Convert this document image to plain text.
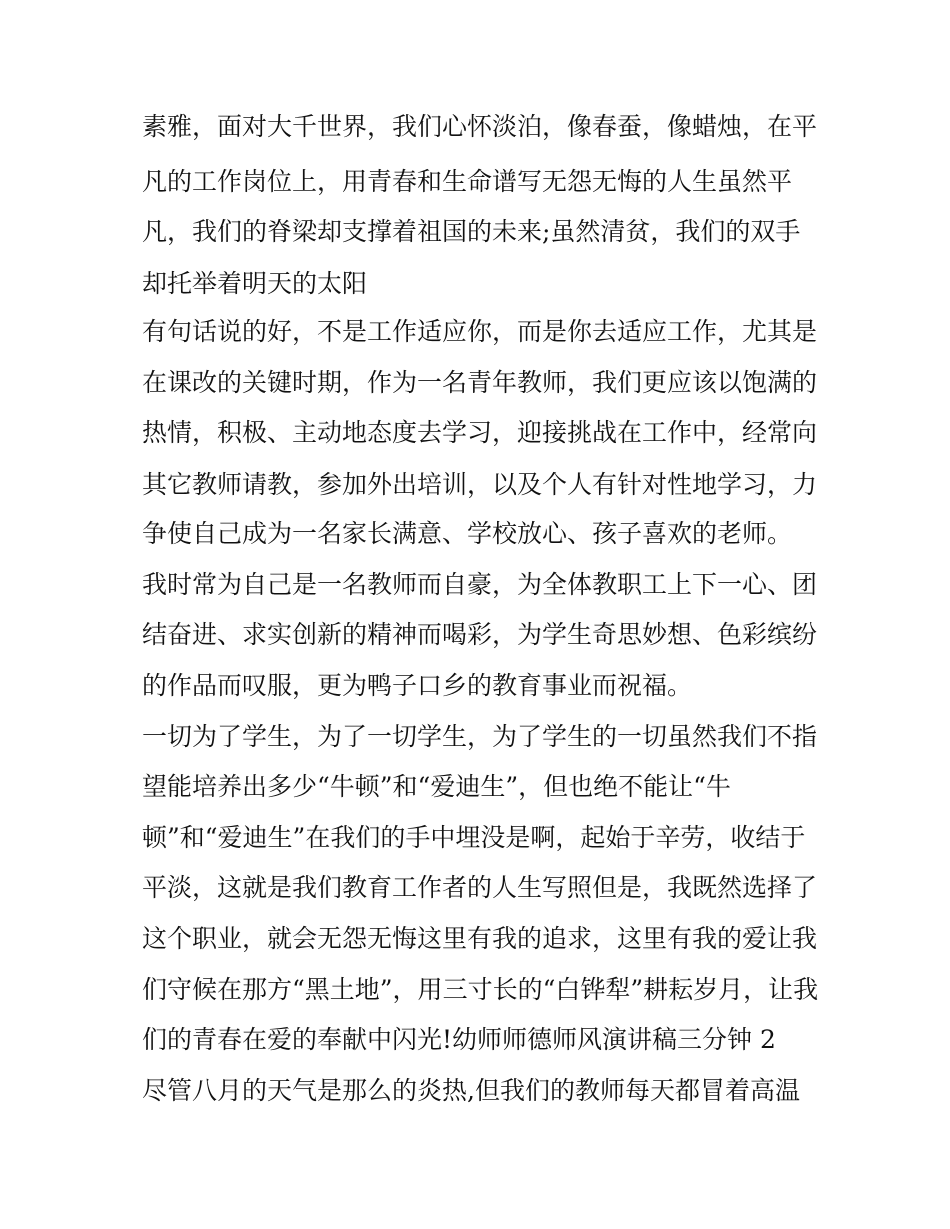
素雅，面对大千世界，我们心怀淡泊，像春蚕，像蜡烛，在平
凡的工作岗位上，用青春和生命谱写无怨无悔的人生虽然平
凡，我们的脊梁却支撑着祖国的未来;虽然清贫，我们的双手
却托举着明天的太阳
有句话说的好，不是工作适应你，而是你去适应工作，尤其是
在课改的关键时期，作为一名青年教师，我们更应该以饱满的
热情，积极、主动地态度去学习，迎接挑战在工作中，经常向
其它教师请教，参加外出培训，以及个人有针对性地学习，力
争使自己成为一名家长满意、学校放心、孩子喜欢的老师。
我时常为自己是一名教师而自豪，为全体教职工上下一心、团
结奋进、求实创新的精神而喝彩，为学生奇思妙想、色彩缤纷
的作品而叹服，更为鸭子口乡的教育事业而祝福。
一切为了学生，为了一切学生，为了学生的一切虽然我们不指
望能培养出多少“牛顿”和“爱迪生”，但也绝不能让“牛
顿”和“爱迪生”在我们的手中埋没是啊，起始于辛劳，收结于
平淡，这就是我们教育工作者的人生写照但是，我既然选择了
这个职业，就会无怨无悔这里有我的追求，这里有我的爱让我
们守候在那方“黑土地”，用三寸长的“白铧犁”耕耘岁月，让我
们的青春在爱的奉献中闪光!幼师师德师风演讲稿三分钟 2
尽管八月的天气是那么的炎热,但我们的教师每天都冒着高温
